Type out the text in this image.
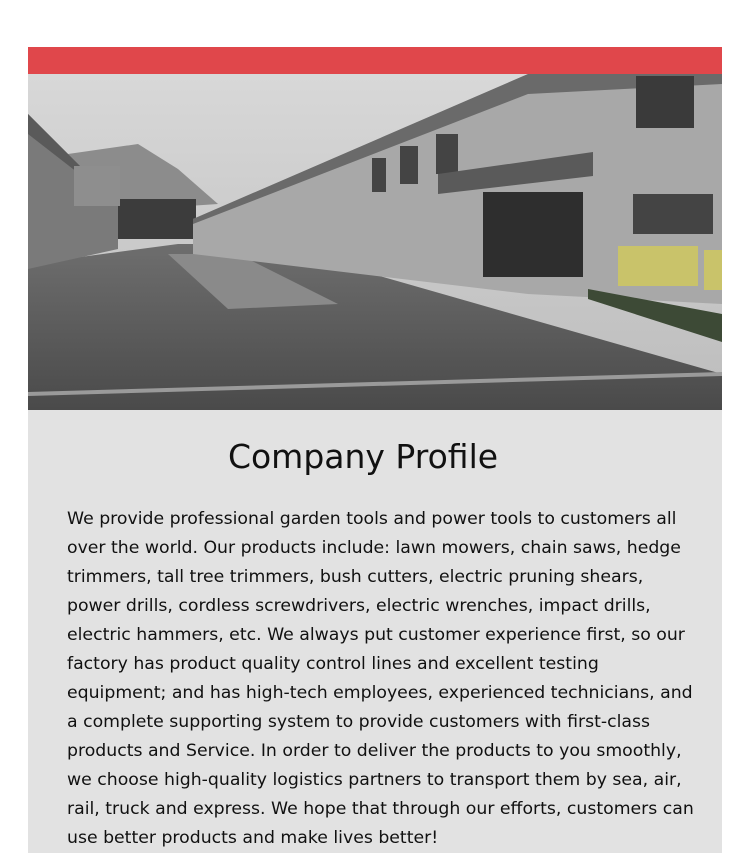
Company Profile

We provide professional garden tools and power tools to customers all over the world. Our products include: lawn mowers, chain saws, hedge trimmers, tall tree trimmers, bush cutters, electric pruning shears, power drills, cordless screwdrivers, electric wrenches, impact drills, electric hammers, etc. We always put customer experience first, so our factory has product quality control lines and excellent testing equipment; and has high-tech employees, experienced technicians, and a complete supporting system to provide customers with first-class products and Service. In order to deliver the products to you smoothly, we choose high-quality logistics partners to transport them by sea, air, rail, truck and express. We hope that through our efforts, customers can use better products and make lives better!
